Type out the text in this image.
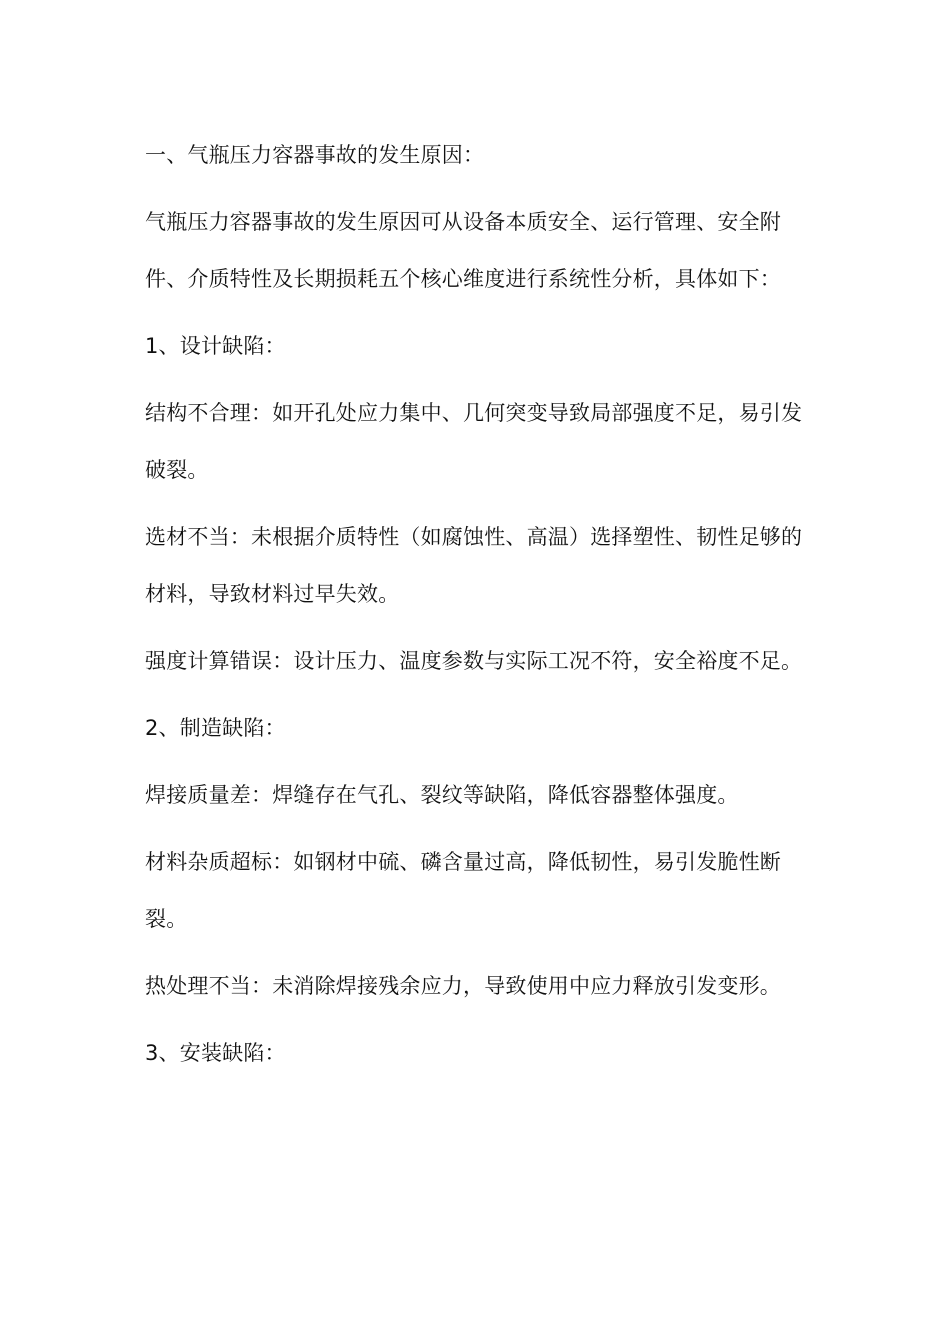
一、气瓶压力容器事故的发生原因：

气瓶压力容器事故的发生原因可从设备本质安全、运行管理、安全附件、介质特性及长期损耗五个核心维度进行系统性分析，具体如下：

1、设计缺陷：

结构不合理：如开孔处应力集中、几何突变导致局部强度不足，易引发破裂。

选材不当：未根据介质特性（如腐蚀性、高温）选择塑性、韧性足够的材料，导致材料过早失效。

强度计算错误：设计压力、温度参数与实际工况不符，安全裕度不足。

2、制造缺陷：

焊接质量差：焊缝存在气孔、裂纹等缺陷，降低容器整体强度。

材料杂质超标：如钢材中硫、磷含量过高，降低韧性，易引发脆性断裂。

热处理不当：未消除焊接残余应力，导致使用中应力释放引发变形。

3、安装缺陷：
